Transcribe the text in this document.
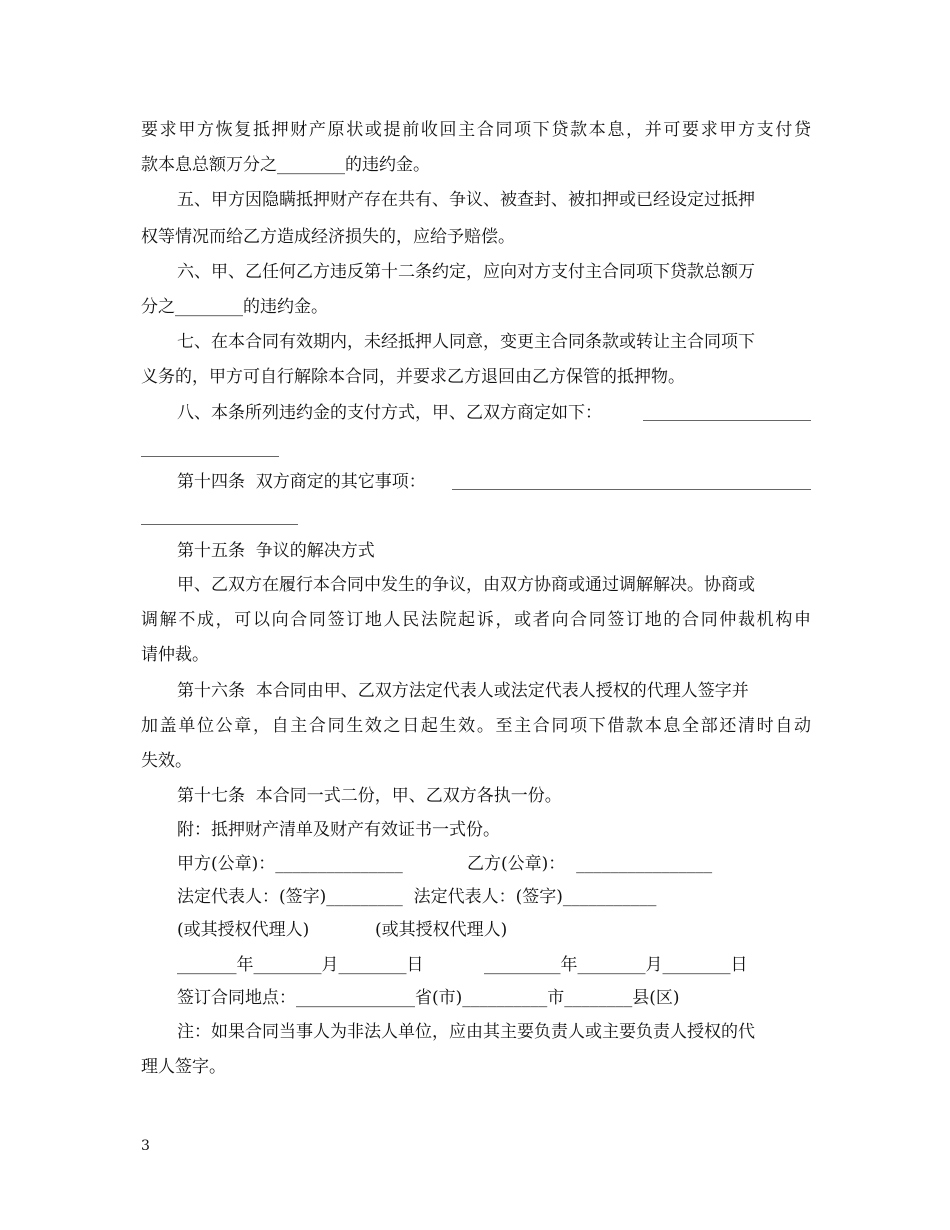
要求甲方恢复抵押财产原状或提前收回主合同项下贷款本息，并可要求甲方支付贷
款本息总额万分之________的违约金。
五、甲方因隐瞒抵押财产存在共有、争议、被查封、被扣押或已经设定过抵押
权等情况而给乙方造成经济损失的，应给予赔偿。
六、甲、乙任何乙方违反第十二条约定，应向对方支付主合同项下贷款总额万
分之________的违约金。
七、在本合同有效期内，未经抵押人同意，变更主合同条款或转让主合同项下
义务的，甲方可自行解除本合同，并要求乙方退回由乙方保管的抵押物。
八、本条所列违约金的支付方式，甲、乙双方商定如下：
第十四条  双方商定的其它事项：
第十五条  争议的解决方式
甲、乙双方在履行本合同中发生的争议，由双方协商或通过调解解决。协商或
调解不成，可以向合同签订地人民法院起诉，或者向合同签订地的合同仲裁机构申
请仲裁。
第十六条  本合同由甲、乙双方法定代表人或法定代表人授权的代理人签字并
加盖单位公章，自主合同生效之日起生效。至主合同项下借款本息全部还清时自动
失效。
第十七条  本合同一式二份，甲、乙双方各执一份。
附：抵押财产清单及财产有效证书一式份。
甲方(公章)：_______________	乙方(公章)：  ________________
法定代表人：(签字)_________  法定代表人：(签字)___________
(或其授权代理人)	(或其授权代理人)
_______年________月________日	_________年________月________日
签订合同地点：______________省(市)__________市________县(区)
注：如果合同当事人为非法人单位，应由其主要负责人或主要负责人授权的代
理人签字。
3
